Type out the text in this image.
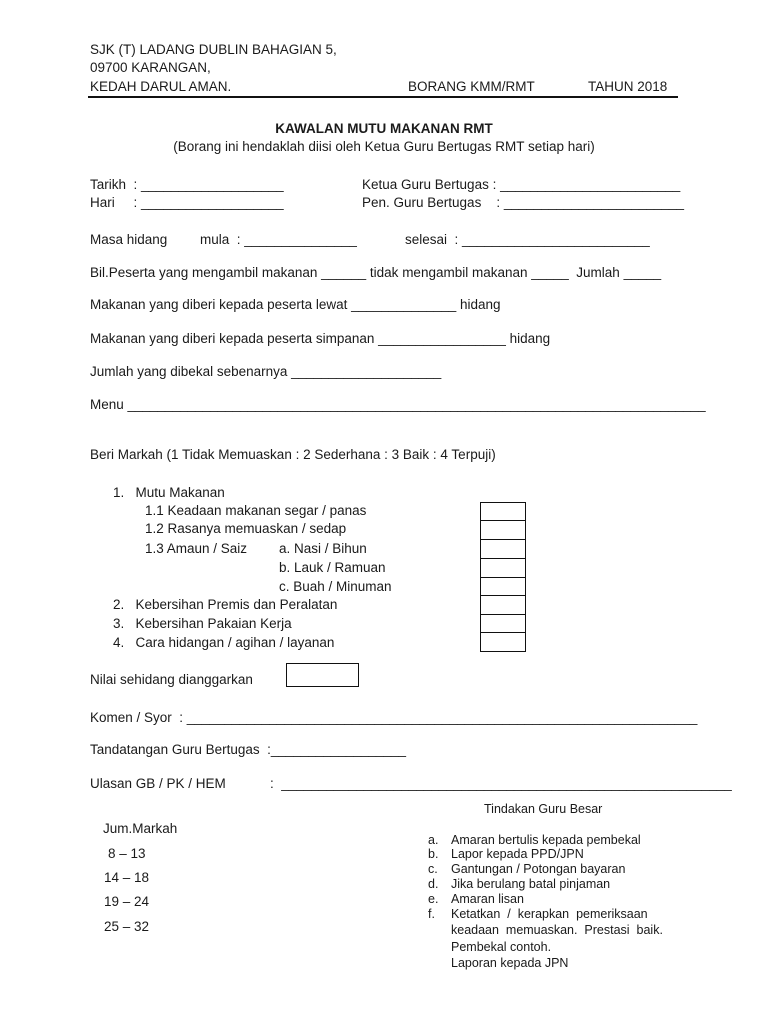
SJK (T) LADANG DUBLIN BAHAGIAN 5,
09700 KARANGAN,
KEDAH DARUL AMAN.	BORANG KMM/RMT	TAHUN 2018
KAWALAN MUTU MAKANAN RMT
(Borang ini hendaklah diisi oleh Ketua Guru Bertugas RMT setiap hari)
Tarikh  : ___________________
Hari     : ___________________
Ketua Guru Bertugas : ________________________
Pen. Guru Bertugas    : ________________________
Masa hidang mula  : _______________	selesai  : _________________________
Bil.Peserta yang mengambil makanan ______ tidak mengambil makanan _____  Jumlah _____
Makanan yang diberi kepada peserta lewat ______________ hidang
Makanan yang diberi kepada peserta simpanan _________________ hidang
Jumlah yang dibekal sebenarnya ____________________
Menu _____________________________________________________________________________
Beri Markah (1 Tidak Memuaskan : 2 Sederhana : 3 Baik : 4 Terpuji)
1.   Mutu Makanan
1.1 Keadaan makanan segar / panas
1.2 Rasanya memuaskan / sedap
1.3 Amaun / Saiz a. Nasi / Bihun
b. Lauk / Ramuan
c. Buah / Minuman
2.   Kebersihan Premis dan Peralatan
3.   Kebersihan Pakaian Kerja
4.   Cara hidangan / agihan / layanan
Nilai sehidang dianggarkan
Komen / Syor  : ____________________________________________________________________
Tandatangan Guru Bertugas  :__________________
Ulasan GB / PK / HEM	:  ____________________________________________________________
Jum.Markah
8 – 13
14 – 18
19 – 24
25 – 32
Tindakan Guru Besar
a. Amaran bertulis kepada pembekal
b. Lapor kepada PPD/JPN
c. Gantungan / Potongan bayaran
d. Jika berulang batal pinjaman
e. Amaran lisan
f. Ketatkan  /  kerapkan  pemeriksaan
keadaan  memuaskan.  Prestasi  baik.
Pembekal contoh.
Laporan kepada JPN
